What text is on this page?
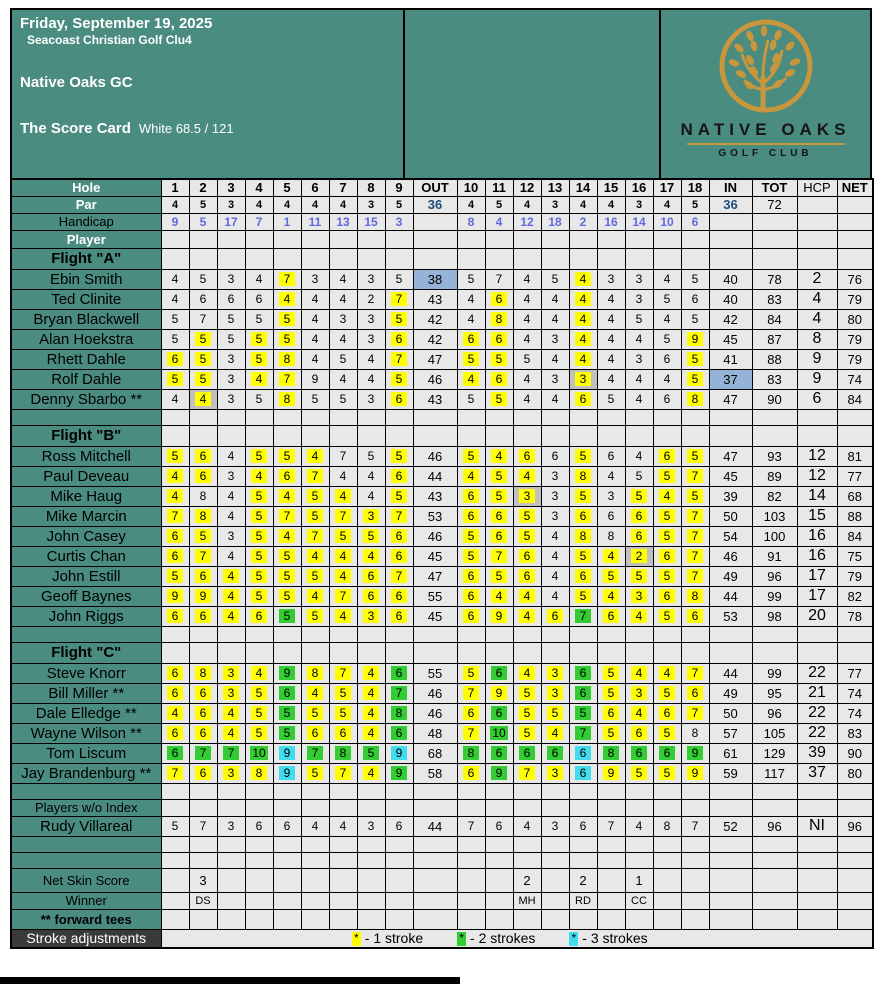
Friday, September 19, 2025
Seacoast Christian Golf Clu4
Native Oaks GC
The Score Card White 68.5 / 121	NATIVE OAKS
GOLF CLUB
Hole	1	2	3	4	5	6	7	8	9	OUT	10	11	12	13	14	15	16	17	18	IN	TOT	HCP	NET
Par	4	5	3	4	4	4	4	3	5	36	4	5	4	3	4	4	3	4	5	36	72		
Handicap	9	5	17	7	1	11	13	15	3		8	4	12	18	2	16	14	10	6				
Player																							
Flight "A"																							
Ebin Smith	4	5	3	4	7	3	4	3	5	38	5	7	4	5	4	3	3	4	5	40	78	2	76
Ted Clinite	4	6	6	6	4	4	4	2	7	43	4	6	4	4	4	4	3	5	6	40	83	4	79
Bryan Blackwell	5	7	5	5	5	4	3	3	5	42	4	8	4	4	4	4	5	4	5	42	84	4	80
Alan Hoekstra	5	5	5	5	5	4	4	3	6	42	6	6	4	3	4	4	4	5	9	45	87	8	79
Rhett Dahle	6	5	3	5	8	4	5	4	7	47	5	5	5	4	4	4	3	6	5	41	88	9	79
Rolf Dahle	5	5	3	4	7	9	4	4	5	46	4	6	4	3	3	4	4	4	5	37	83	9	74
Denny Sbarbo **	4	4	3	5	8	5	5	3	6	43	5	5	4	4	6	5	4	6	8	47	90	6	84

Flight "B"																							
Ross Mitchell	5	6	4	5	5	4	7	5	5	46	5	4	6	6	5	6	4	6	5	47	93	12	81
Paul Deveau	4	6	3	4	6	7	4	4	6	44	4	5	4	3	8	4	5	5	7	45	89	12	77
Mike Haug	4	8	4	5	4	5	4	4	5	43	6	5	3	3	5	3	5	4	5	39	82	14	68
Mike Marcin	7	8	4	5	7	5	7	3	7	53	6	6	5	3	6	6	6	5	7	50	103	15	88
John Casey	6	5	3	5	4	7	5	5	6	46	5	6	5	4	8	8	6	5	7	54	100	16	84
Curtis Chan	6	7	4	5	5	4	4	4	6	45	5	7	6	4	5	4	2	6	7	46	91	16	75
John Estill	5	6	4	5	5	5	4	6	7	47	6	5	6	4	6	5	5	5	7	49	96	17	79
Geoff Baynes	9	9	4	5	5	4	7	6	6	55	6	4	4	4	5	4	3	6	8	44	99	17	82
John Riggs	6	6	4	6	5	5	4	3	6	45	6	9	4	6	7	6	4	5	6	53	98	20	78

Flight "C"																							
Steve Knorr	6	8	3	4	9	8	7	4	6	55	5	6	4	3	6	5	4	4	7	44	99	22	77
Bill Miller **	6	6	3	5	6	4	5	4	7	46	7	9	5	3	6	5	3	5	6	49	95	21	74
Dale Elledge **	4	6	4	5	5	5	5	4	8	46	6	6	5	5	5	6	4	6	7	50	96	22	74
Wayne Wilson **	6	6	4	5	5	6	6	4	6	48	7	10	5	4	7	5	6	5	8	57	105	22	83
Tom Liscum	6	7	7	10	9	7	8	5	9	68	8	6	6	6	6	8	6	6	9	61	129	39	90
Jay Brandenburg **	7	6	3	8	9	5	7	4	9	58	6	9	7	3	6	9	5	5	9	59	117	37	80

Players w/o Index																							
Rudy Villareal	5	7	3	6	6	4	4	3	6	44	7	6	4	3	6	7	4	8	7	52	96	NI	96

Net Skin Score		3											2		2		1						
Winner		DS											MH		RD		CC						
** forward tees																							
Stroke adjustments	* - 1 stroke * - 2 strokes * - 3 strokes																						
